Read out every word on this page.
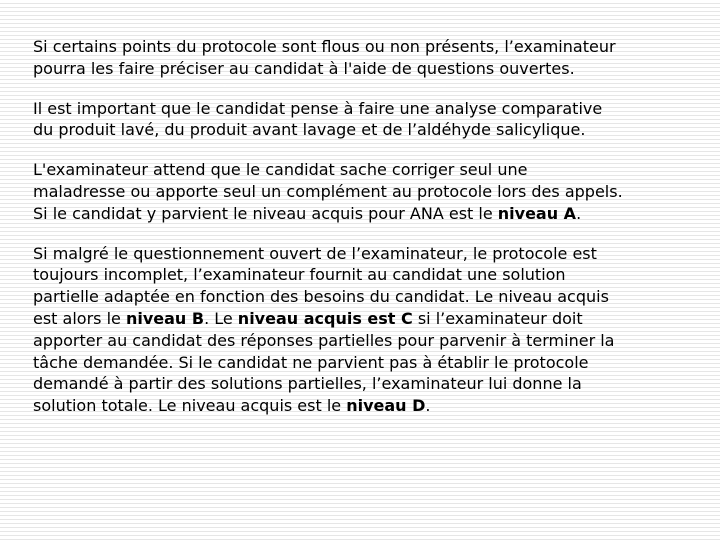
Si certains points du protocole sont flous ou non présents, l’examinateur
pourra les faire préciser au candidat à l'aide de questions ouvertes.

Il est important que le candidat pense à faire une analyse comparative
du produit lavé, du produit avant lavage et de l’aldéhyde salicylique.

L'examinateur attend que le candidat sache corriger seul une
maladresse ou apporte seul un complément au protocole lors des appels.
Si le candidat y parvient le niveau acquis pour ANA est le niveau A.

Si malgré le questionnement ouvert de l’examinateur, le protocole est
toujours incomplet, l’examinateur fournit au candidat une solution
partielle adaptée en fonction des besoins du candidat. Le niveau acquis
est alors le niveau B. Le niveau acquis est C si l’examinateur doit
apporter au candidat des réponses partielles pour parvenir à terminer la
tâche demandée. Si le candidat ne parvient pas à établir le protocole
demandé à partir des solutions partielles, l’examinateur lui donne la
solution totale. Le niveau acquis est le niveau D.
